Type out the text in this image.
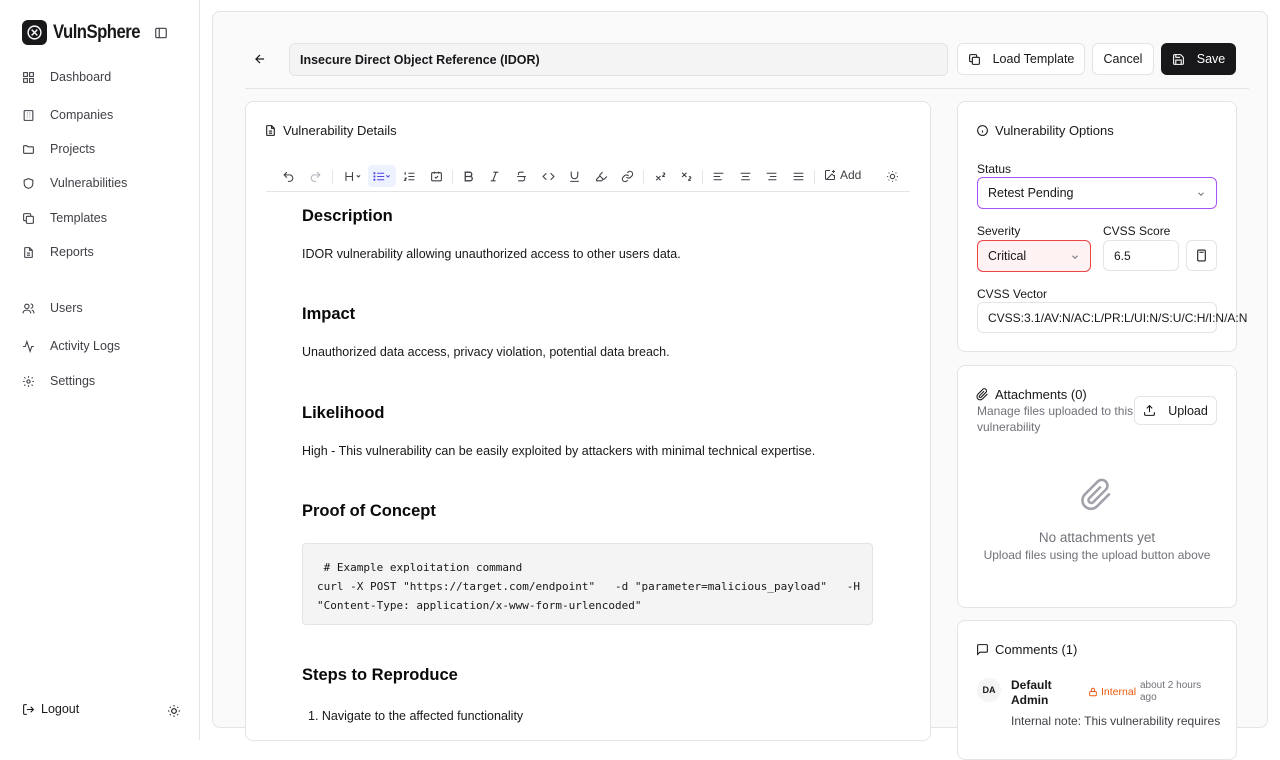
VulnSphere
Dashboard
Companies
Projects
Vulnerabilities
Templates
Reports
Users
Activity Logs
Settings
Logout
Insecure Direct Object Reference (IDOR)	Load Template	Cancel	Save
Vulnerability Details
Add
Description
IDOR vulnerability allowing unauthorized access to other users data.
Impact
Unauthorized data access, privacy violation, potential data breach.
Likelihood
High - This vulnerability can be easily exploited by attackers with minimal technical expertise.
Proof of Concept
# Example exploitation command
curl -X POST "https://target.com/endpoint"   -d "parameter=malicious_payload"   -H
"Content-Type: application/x-www-form-urlencoded"
Steps to Reproduce
1. Navigate to the affected functionality
Vulnerability Options
Status
Retest Pending
Severity
Critical
CVSS Score
6.5
CVSS Vector
CVSS:3.1/AV:N/AC:L/PR:L/UI:N/S:U/C:H/I:N/A:N
Attachments (0)
Manage files uploaded to this
vulnerability
Upload
No attachments yet
Upload files using the upload button above
Comments (1)
DA	Default
Admin
Internal
about 2 hours
ago
Internal note: This vulnerability requires
